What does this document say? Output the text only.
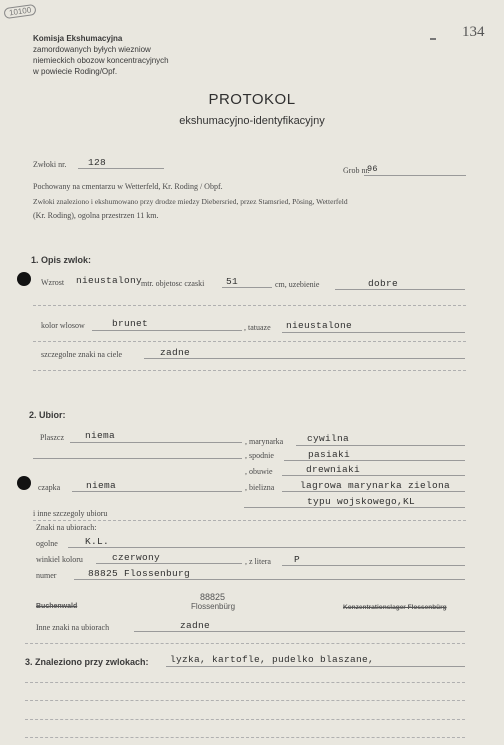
10100
134
Komisja Ekshumacyjna
zamordowanych byłych wiezniow
niemieckich obozow koncentracyjnych
w powiecie Roding/Opf.
PROTOKOL
ekshumacyjno-identyfikacyjny
Zwłoki nr. 128
Grob nr.
96
Pochowany na cmentarzu w Wetterfeld, Kr. Roding / Obpf.
Zwłoki znaleziono i ekshumowano przy drodze miedzy Diebersried, przez Stamsried, Pösing, Wetterfeld
(Kr. Roding), ogolna przestrzen 11 km.
1. Opis zwlok:
Wzrost nieustalony
mtr. objetosc czaski 51	cm, uzebienie	dobre
kolor wlosow	brunet	, tatuaze nieustalone
szczegolne znaki na ciele	zadne
2. Ubior:
Plaszcz niema
, marynarka	cywilna
, spodnie	pasiaki
, obuwie	drewniaki
czapka	niema	, bielizna	lagrowa marynarka zielona
typu wojskowego,KL
i inne szczegoly ubioru
Znaki na ubiorach:
ogolne	K.L.
winkiel koloru	czerwony	, z litera P
numer	88825 Flossenburg
Buchenwald
88825
Flossenbürg	Konzentrationslager Flossenbürg
Inne znaki na ubiorach	zadne
3. Znaleziono przy zwlokach: lyzka, kartofle, pudelko blaszane,
